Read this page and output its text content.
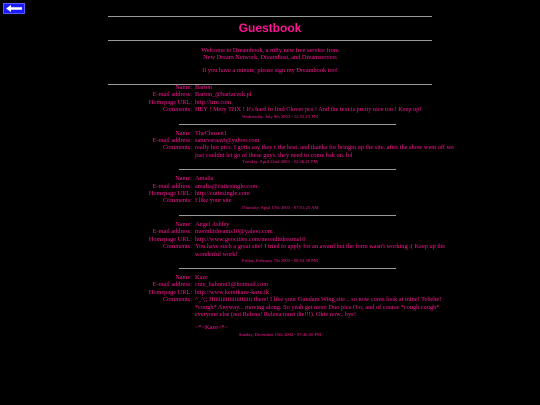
Guestbook

Welcome to Dreambook, a nifty new free service from

New Dream Network, Dreamhost, and Dreamservers

If you have a minute, please sign my Dreambook too!

Name: Barton
E-mail address: Barton_@bartaczek.pl
Homepage URL: http://irm.com
Comments: HEY ! Mery THX ! It's hard to find Clover pcs ! And the text is pretty nice too ! Keep up!
Wednesday, July 9th 2003 - 12:55:13 PM
Name: TheChosen1
E-mail address: saturveraavi@yahoo.com
Comments: really hot pics. I gotta say they r the best. and thanks for bringin up the site. after the show went off we just couldnt let go of these guys. they need to come bak on. lol
Tuesday, April 22nd 2003 - 02:06:41 PM
Name: Amalia
E-mail address: amalia@cutiesingle.com
Homepage URL: http://cutiesingle.com
Comments: I like your site
Thursday, April 17th 2003 - 07:01:25 AM
Name: Angel Ashley
E-mail address: moonlitdreams10@yahoo.com
Homepage URL: http://www.geocities.com/moonlitdreams10
Comments: You have such a great site! I tried to apply for an award but the form wasn't working :( Keep up the wonderful work!
Friday, February 7th 2003 - 08:54:30 PM
Name: Kaze
E-mail address: cute_bahomi1@hotmail.com
Homepage URL: http://www.kemikaze-kaze.tk
Comments: ^_^;; Hiiiiiiiiiiiiiiiiiiiiii there! I like your Gundam Wing site... so now come look at mine! Tehehe! *cough* Anyway... moving along. So yeah get more Duo pics O.o; and of course *cough cough* everyone else (not Relena! Relena must die!!!). Okie now.. bye!
~*~Kaze~*~
Sunday, December 15th 2002 - 07:46:20 PM
